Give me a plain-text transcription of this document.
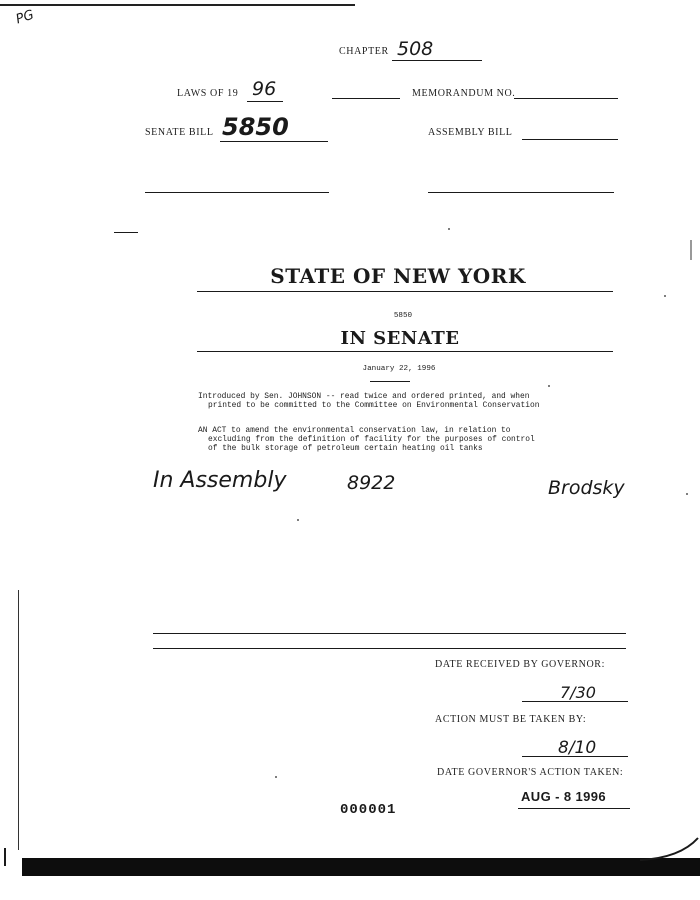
PG
CHAPTER 508
LAWS OF 19 96	MEMORANDUM NO.
SENATE BILL 5850	ASSEMBLY BILL
STATE OF NEW YORK
5850
IN SENATE
January 22, 1996
Introduced by Sen. JOHNSON -- read twice and ordered printed, and when
printed to be committed to the Committee on Environmental Conservation
AN ACT to amend the environmental conservation law, in relation to
excluding from the definition of facility for the purposes of control
of the bulk storage of petroleum certain heating oil tanks
In Assembly	8922	Brodsky
DATE RECEIVED BY GOVERNOR:
7/30
ACTION MUST BE TAKEN BY:
8/10
DATE GOVERNOR'S ACTION TAKEN:
AUG - 8 1996
000001
